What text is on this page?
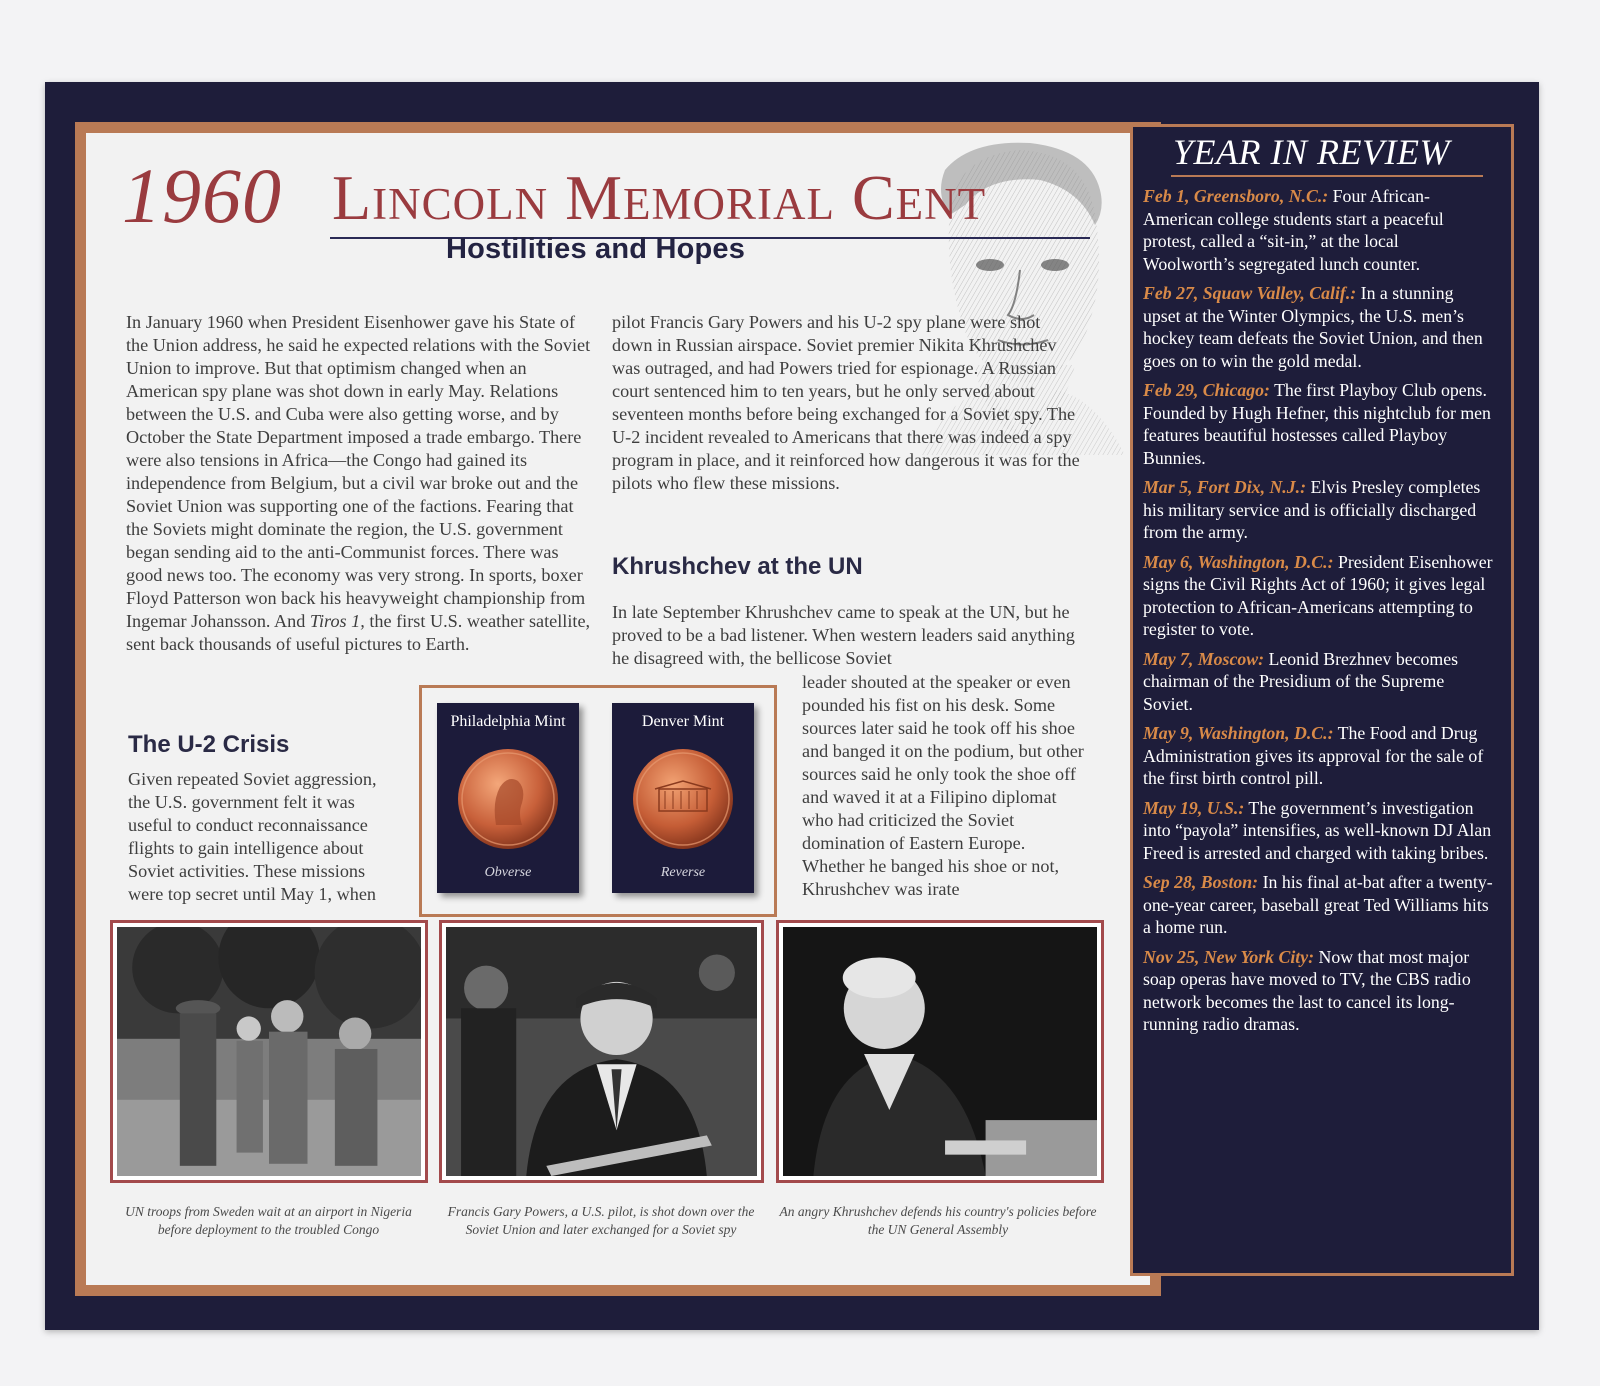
1960 Lincoln Memorial Cent
Hostilities and Hopes
In January 1960 when President Eisenhower gave his State of the Union address, he said he expected relations with the Soviet Union to improve. But that optimism changed when an American spy plane was shot down in early May. Relations between the U.S. and Cuba were also getting worse, and by October the State Department imposed a trade embargo. There were also tensions in Africa—the Congo had gained its independence from Belgium, but a civil war broke out and the Soviet Union was supporting one of the factions. Fearing that the Soviets might dominate the region, the U.S. government began sending aid to the anti-Communist forces. There was good news too. The economy was very strong. In sports, boxer Floyd Patterson won back his heavyweight championship from Ingemar Johansson. And Tiros 1, the first U.S. weather satellite, sent back thousands of useful pictures to Earth.
pilot Francis Gary Powers and his U-2 spy plane were shot down in Russian airspace. Soviet premier Nikita Khrushchev was outraged, and had Powers tried for espionage. A Russian court sentenced him to ten years, but he only served about seventeen months before being exchanged for a Soviet spy. The U-2 incident revealed to Americans that there was indeed a spy program in place, and it reinforced how dangerous it was for the pilots who flew these missions.
The U-2 Crisis
Given repeated Soviet aggression, the U.S. government felt it was useful to conduct reconnaissance flights to gain intelligence about Soviet activities. These missions were top secret until May 1, when
Khrushchev at the UN
In late September Khrushchev came to speak at the UN, but he proved to be a bad listener. When western leaders said anything he disagreed with, the bellicose Soviet
leader shouted at the speaker or even pounded his fist on his desk. Some sources later said he took off his shoe and banged it on the podium, but other sources said he only took the shoe off and waved it at a Filipino diplomat who had criticized the Soviet domination of Eastern Europe. Whether he banged his shoe or not, Khrushchev was irate
Philadelphia Mint
Obverse
Denver Mint
Reverse
UN troops from Sweden wait at an airport in Nigeria before deployment to the troubled Congo
Francis Gary Powers, a U.S. pilot, is shot down over the Soviet Union and later exchanged for a Soviet spy
An angry Khrushchev defends his country's policies before the UN General Assembly
YEAR IN REVIEW
Feb 1, Greensboro, N.C.: Four African-American college students start a peaceful protest, called a “sit-in,” at the local Woolworth’s segregated lunch counter.
Feb 27, Squaw Valley, Calif.: In a stunning upset at the Winter Olympics, the U.S. men’s hockey team defeats the Soviet Union, and then goes on to win the gold medal.
Feb 29, Chicago: The first Playboy Club opens. Founded by Hugh Hefner, this nightclub for men features beautiful hostesses called Playboy Bunnies.
Mar 5, Fort Dix, N.J.: Elvis Presley completes his military service and is officially discharged from the army.
May 6, Washington, D.C.: President Eisenhower signs the Civil Rights Act of 1960; it gives legal protection to African-Americans attempting to register to vote.
May 7, Moscow: Leonid Brezhnev becomes chairman of the Presidium of the Supreme Soviet.
May 9, Washington, D.C.: The Food and Drug Administration gives its approval for the sale of the first birth control pill.
May 19, U.S.: The government’s investigation into “payola” intensifies, as well-known DJ Alan Freed is arrested and charged with taking bribes.
Sep 28, Boston: In his final at-bat after a twenty-one-year career, baseball great Ted Williams hits a home run.
Nov 25, New York City: Now that most major soap operas have moved to TV, the CBS radio network becomes the last to cancel its long-running radio dramas.
